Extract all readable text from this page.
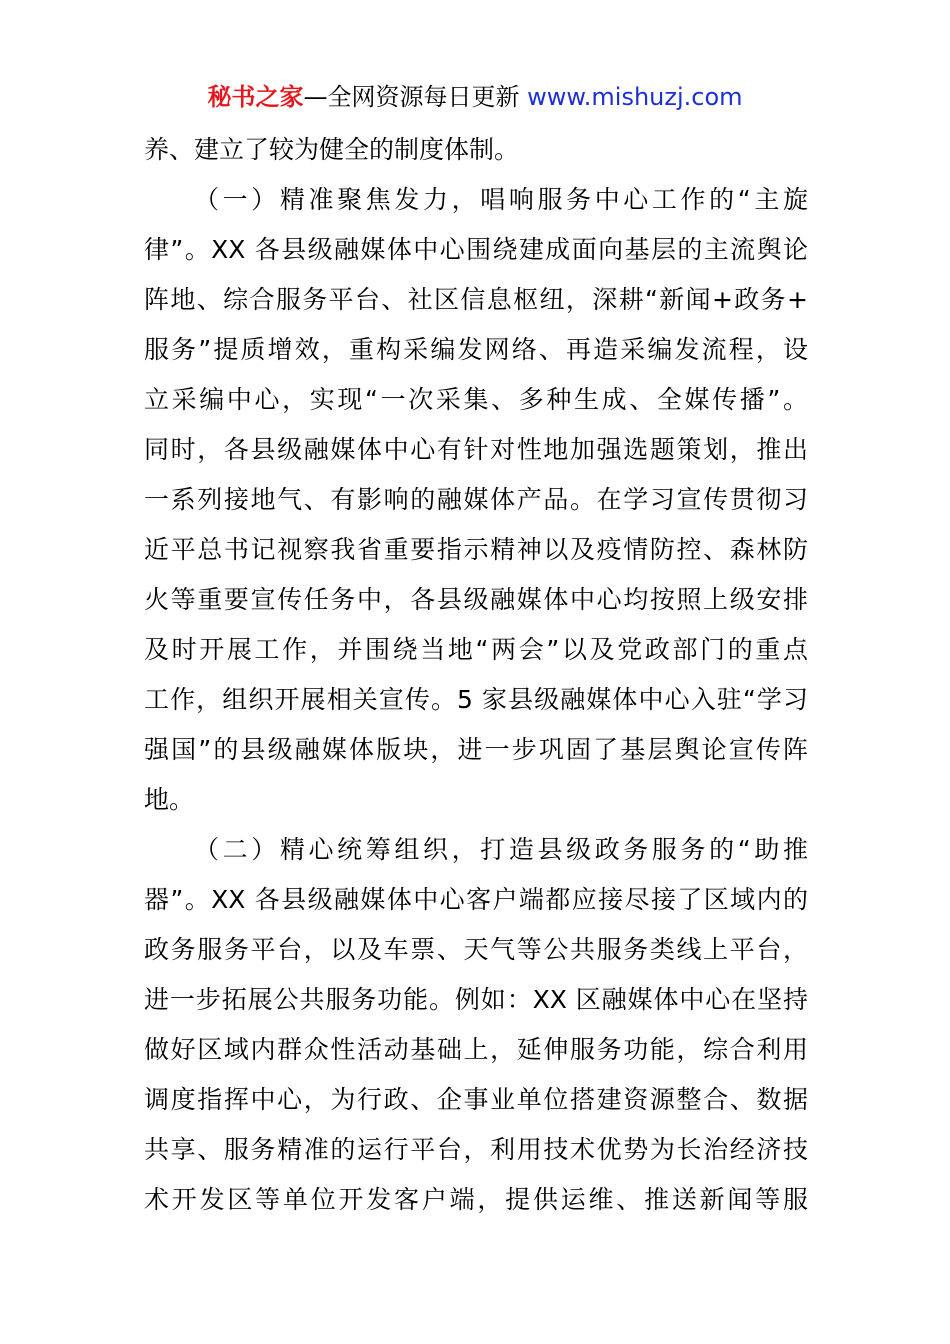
秘书之家—全网资源每日更新 www.mishuzj.com

养、建立了较为健全的制度体制。

（一）精准聚焦发力，唱响服务中心工作的“主旋
律”。XX 各县级融媒体中心围绕建成面向基层的主流舆论
阵地、综合服务平台、社区信息枢纽，深耕“新闻+政务+
服务”提质增效，重构采编发网络、再造采编发流程，设
立采编中心，实现“一次采集、多种生成、全媒传播”。
同时，各县级融媒体中心有针对性地加强选题策划，推出
一系列接地气、有影响的融媒体产品。在学习宣传贯彻习
近平总书记视察我省重要指示精神以及疫情防控、森林防
火等重要宣传任务中，各县级融媒体中心均按照上级安排
及时开展工作，并围绕当地“两会”以及党政部门的重点
工作，组织开展相关宣传。5 家县级融媒体中心入驻“学习
强国”的县级融媒体版块，进一步巩固了基层舆论宣传阵
地。

（二）精心统筹组织，打造县级政务服务的“助推
器”。XX 各县级融媒体中心客户端都应接尽接了区域内的
政务服务平台，以及车票、天气等公共服务类线上平台，
进一步拓展公共服务功能。例如：XX 区融媒体中心在坚持
做好区域内群众性活动基础上，延伸服务功能，综合利用
调度指挥中心，为行政、企事业单位搭建资源整合、数据
共享、服务精准的运行平台，利用技术优势为长治经济技
术开发区等单位开发客户端，提供运维、推送新闻等服
